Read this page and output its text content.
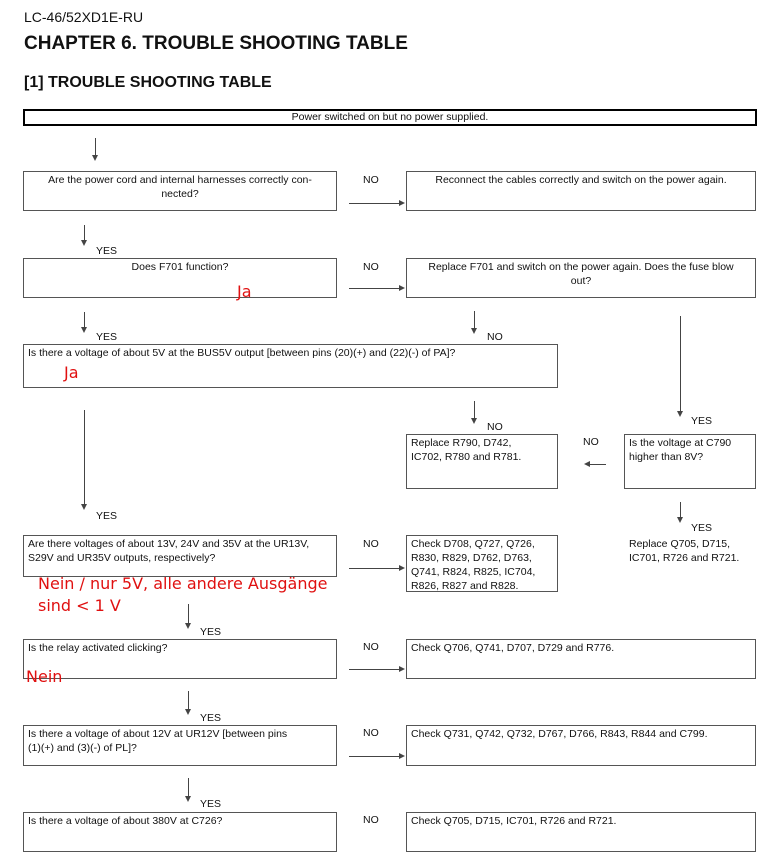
LC-46/52XD1E-RU
CHAPTER 6. TROUBLE SHOOTING TABLE
[1] TROUBLE SHOOTING TABLE
Power switched on but no power supplied.
Are the power cord and internal harnesses correctly con-
nected?
NO	Reconnect the cables correctly and switch on the power again.
YES
Does F701 function?
Ja
NO	Replace F701 and switch on the power again. Does the fuse blow
out?
YES	NO
Is there a voltage of about 5V at the BUS5V output [between pins (20)(+) and (22)(-) of PA]?
Ja
YES
NO
Replace R790, D742,
IC702, R780 and R781.
NO	Is the voltage at C790
higher than 8V?
YES
YES
Are there voltages of about 13V, 24V and 35V at the UR13V,
S29V and UR35V outputs, respectively?
NO	Check D708, Q727, Q726,
R830, R829, D762, D763,
Q741, R824, R825, IC704,
R826, R827 and R828.
Replace Q705, D715,
IC701, R726 and R721.
Nein / nur 5V, alle andere Ausgänge
sind < 1 V
YES
Is the relay activated clicking?
Nein
NO	Check Q706, Q741, D707, D729 and R776.
YES
Is there a voltage of about 12V at UR12V [between pins
(1)(+) and (3)(-) of PL]?
NO	Check Q731, Q742, Q732, D767, D766, R843, R844 and C799.
YES
Is there a voltage of about 380V at C726?	NO	Check Q705, D715, IC701, R726 and R721.
